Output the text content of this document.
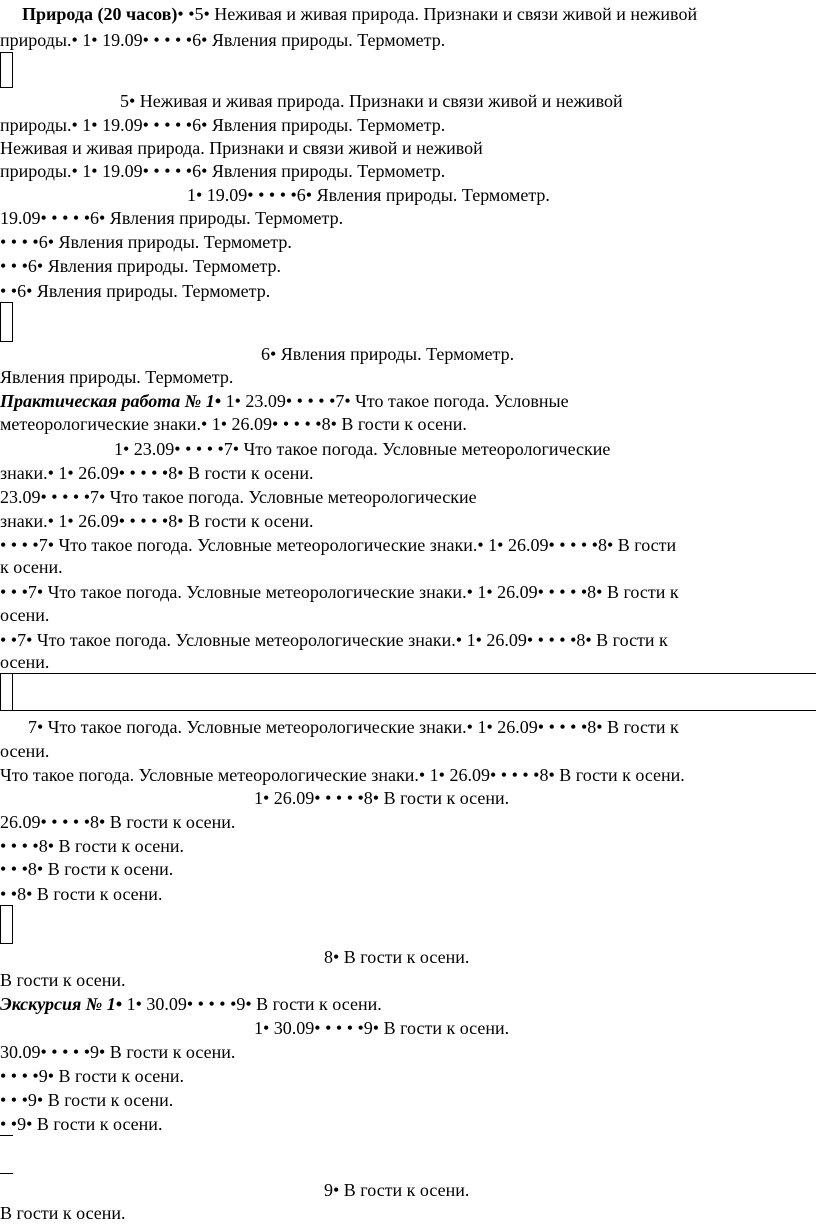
Природа (20 часов)• •5• Неживая и живая природа. Признаки и связи живой и неживой
природы.• 1• 19.09• • • • •6• Явления природы. Термометр.
5• Неживая и живая природа. Признаки и связи живой и неживой
природы.• 1• 19.09• • • • •6• Явления природы. Термометр.
Неживая и живая природа. Признаки и связи живой и неживой
природы.• 1• 19.09• • • • •6• Явления природы. Термометр.
1• 19.09• • • • •6• Явления природы. Термометр.
19.09• • • • •6• Явления природы. Термометр.
• • • •6• Явления природы. Термометр.
• • •6• Явления природы. Термометр.
• •6• Явления природы. Термометр.
6• Явления природы. Термометр.
Явления природы. Термометр.
Практическая работа № 1• 1• 23.09• • • • •7• Что такое погода. Условные
метеорологические знаки.• 1• 26.09• • • • •8• В гости к осени.
1• 23.09• • • • •7• Что такое погода. Условные метеорологические
знаки.• 1• 26.09• • • • •8• В гости к осени.
23.09• • • • •7• Что такое погода. Условные метеорологические
знаки.• 1• 26.09• • • • •8• В гости к осени.
• • • •7• Что такое погода. Условные метеорологические знаки.• 1• 26.09• • • • •8• В гости
к осени.
• • •7• Что такое погода. Условные метеорологические знаки.• 1• 26.09• • • • •8• В гости к
осени.
• •7• Что такое погода. Условные метеорологические знаки.• 1• 26.09• • • • •8• В гости к
осени.
7• Что такое погода. Условные метеорологические знаки.• 1• 26.09• • • • •8• В гости к
осени.
Что такое погода. Условные метеорологические знаки.• 1• 26.09• • • • •8• В гости к осени.
1• 26.09• • • • •8• В гости к осени.
26.09• • • • •8• В гости к осени.
• • • •8• В гости к осени.
• • •8• В гости к осени.
• •8• В гости к осени.
8• В гости к осени.
В гости к осени.
Экскурсия № 1• 1• 30.09• • • • •9• В гости к осени.
1• 30.09• • • • •9• В гости к осени.
30.09• • • • •9• В гости к осени.
• • • •9• В гости к осени.
• • •9• В гости к осени.
• •9• В гости к осени.
9• В гости к осени.
В гости к осени.
